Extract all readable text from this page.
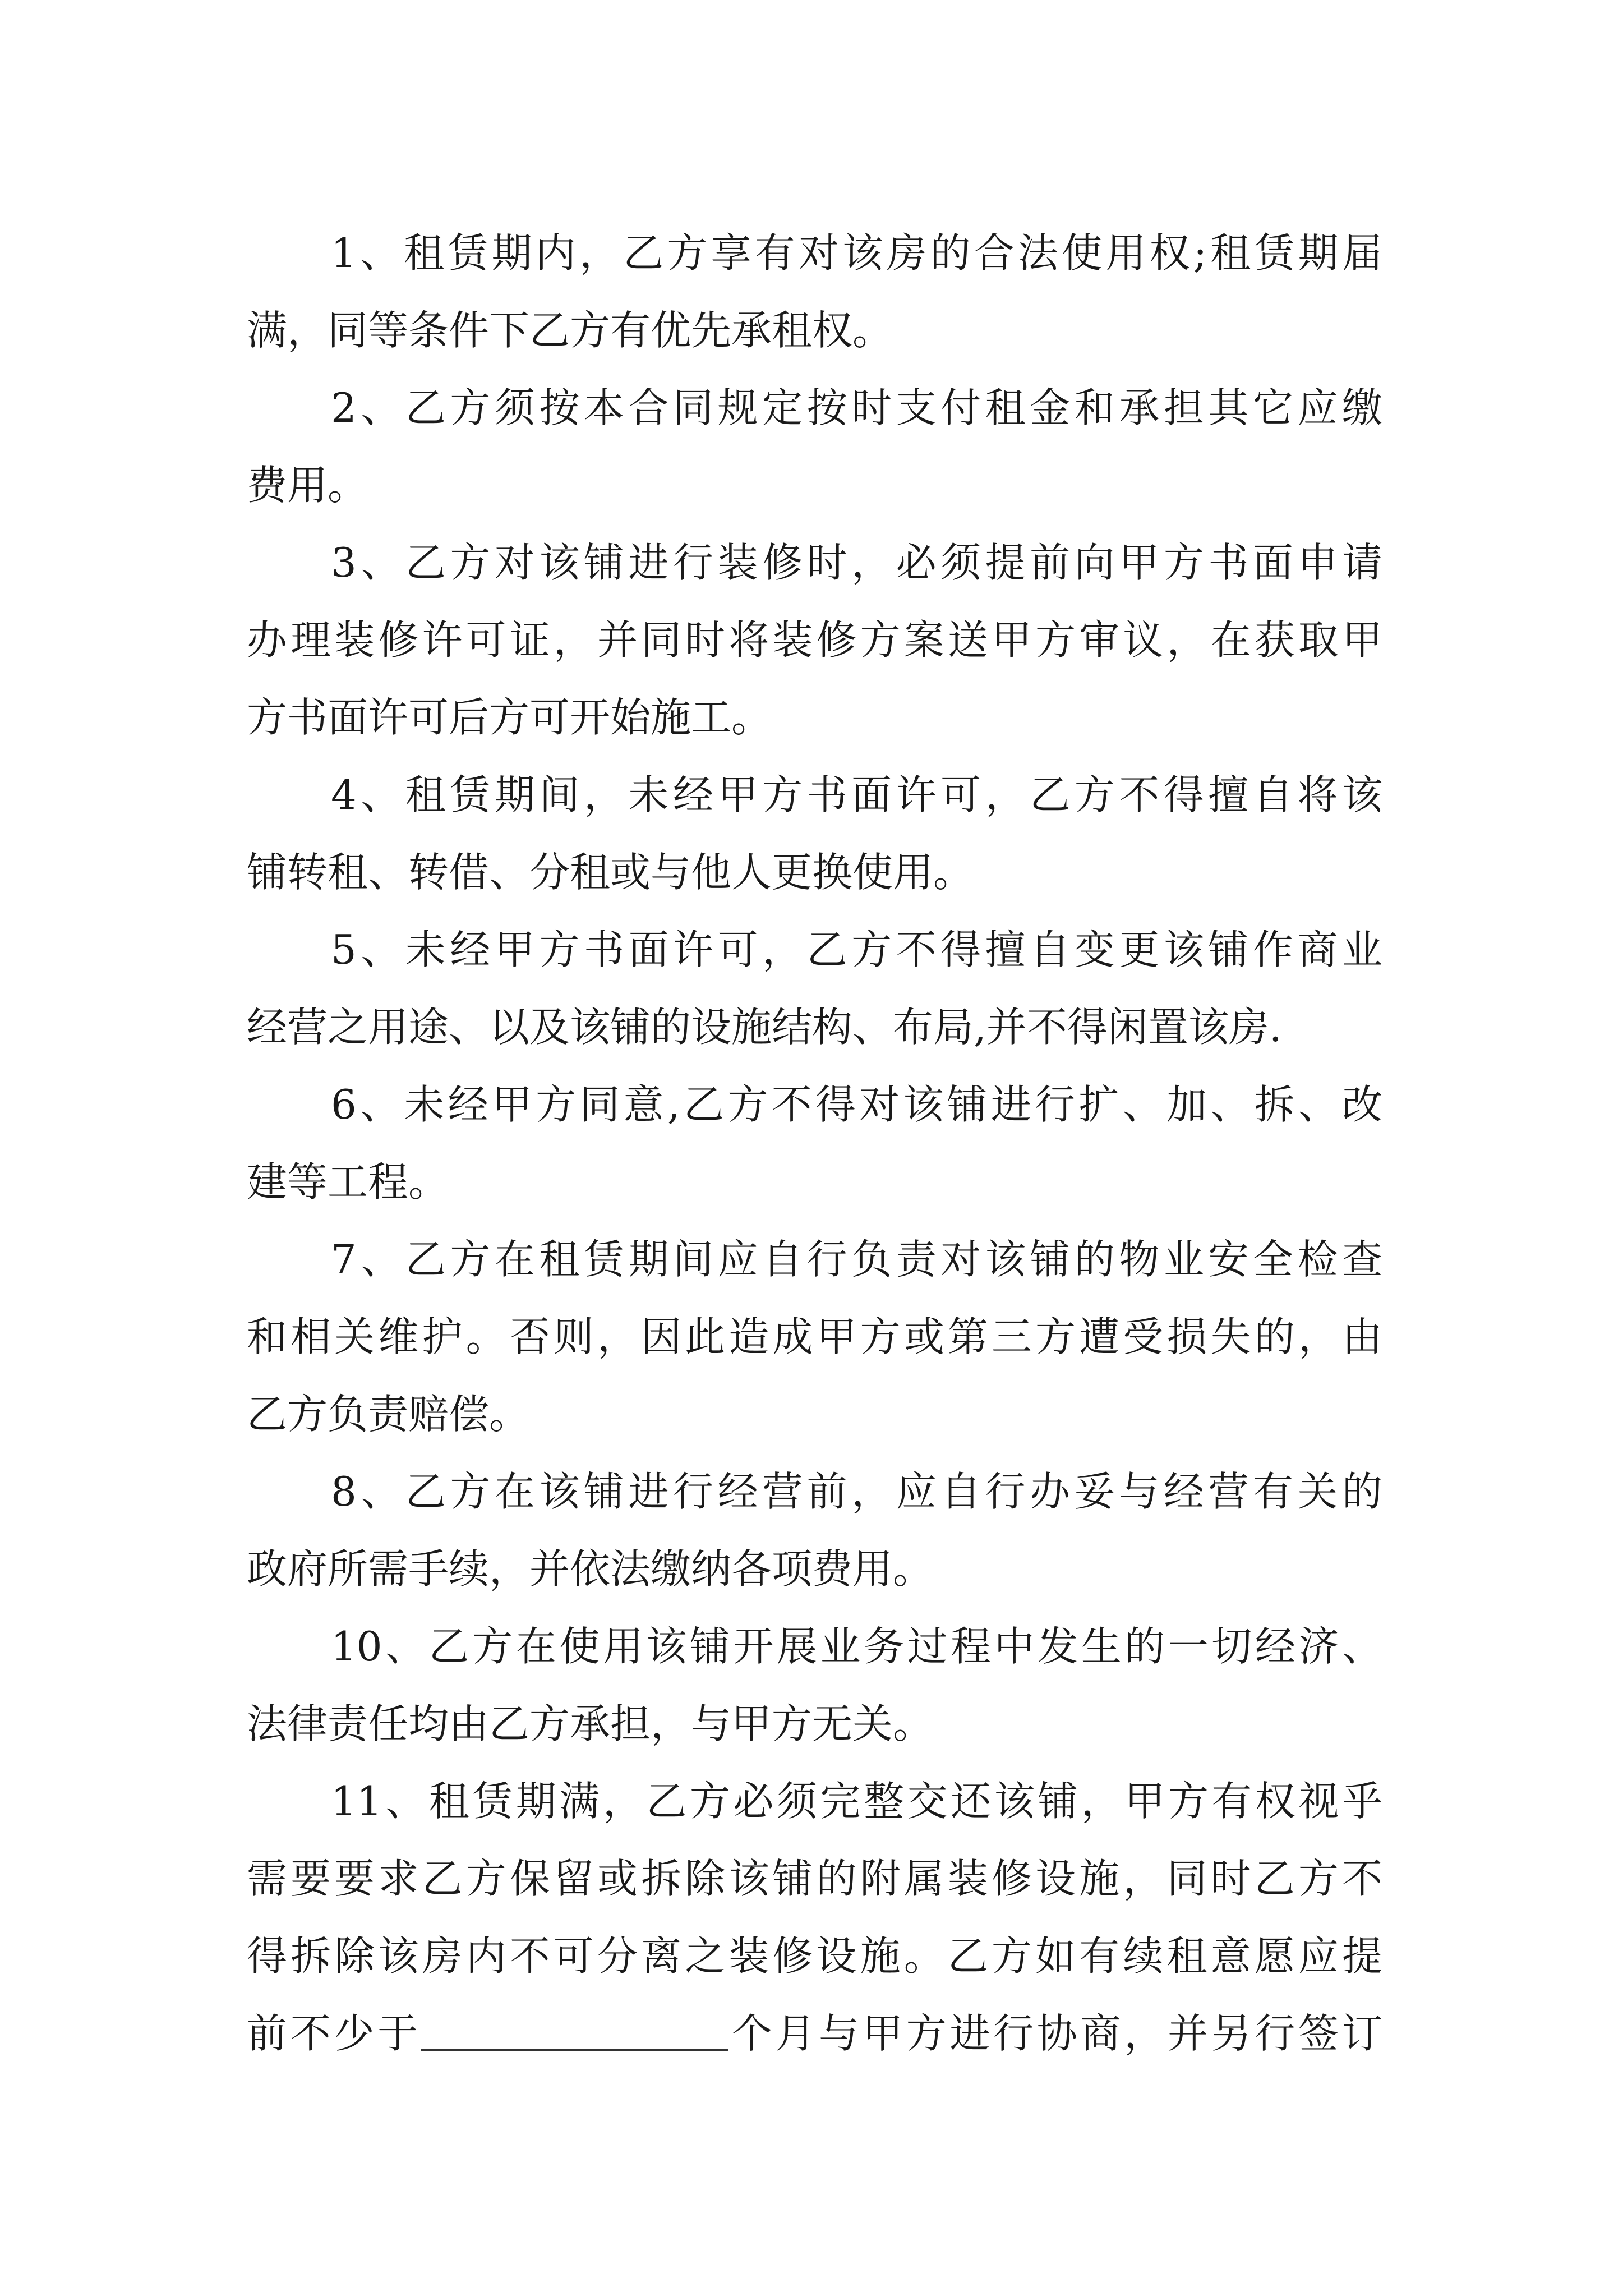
1、租赁期内，乙方享有对该房的合法使用权;租赁期届
满，同等条件下乙方有优先承租权。
2、乙方须按本合同规定按时支付租金和承担其它应缴
费用。
3、乙方对该铺进行装修时，必须提前向甲方书面申请
办理装修许可证，并同时将装修方案送甲方审议，在获取甲
方书面许可后方可开始施工。
4、租赁期间，未经甲方书面许可，乙方不得擅自将该
铺转租、转借、分租或与他人更换使用。
5、未经甲方书面许可，乙方不得擅自变更该铺作商业
经营之用途、以及该铺的设施结构、布局,并不得闲置该房.
6、未经甲方同意,乙方不得对该铺进行扩、加、拆、改
建等工程。
7、乙方在租赁期间应自行负责对该铺的物业安全检查
和相关维护。否则，因此造成甲方或第三方遭受损失的，由
乙方负责赔偿。
8、乙方在该铺进行经营前，应自行办妥与经营有关的
政府所需手续，并依法缴纳各项费用。
10、乙方在使用该铺开展业务过程中发生的一切经济、
法律责任均由乙方承担，与甲方无关。
11、租赁期满，乙方必须完整交还该铺，甲方有权视乎
需要要求乙方保留或拆除该铺的附属装修设施，同时乙方不
得拆除该房内不可分离之装修设施。乙方如有续租意愿应提
前不少于	个月与甲方进行协商，并另行签订
